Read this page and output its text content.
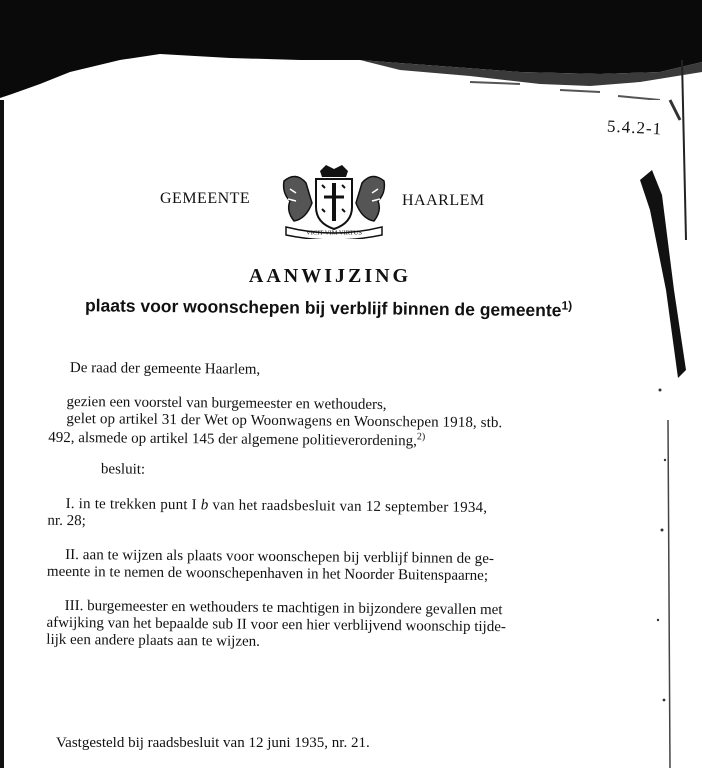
5.4.2-1
GEMEENTE
VICIT VIM VIRTUS
HAARLEM
AANWIJZING
plaats voor woonschepen bij verblijf binnen de gemeente$^{1)}$
De raad der gemeente Haarlem,
gezien een voorstel van burgemeester en wethouders,
gelet op artikel 31 der Wet op Woonwagens en Woonschepen 1918, stb.
492, alsmede op artikel 145 der algemene politieverordening,$^{2)}$
besluit:
I. in te trekken punt I b van het raadsbesluit van 12 september 1934,
nr. 28;
II. aan te wijzen als plaats voor woonschepen bij verblijf binnen de ge-
meente in te nemen de woonschepenhaven in het Noorder Buitenspaarne;
III. burgemeester en wethouders te machtigen in bijzondere gevallen met
afwijking van het bepaalde sub II voor een hier verblijvend woonschip tijde-
lijk een andere plaats aan te wijzen.
Vastgesteld bij raadsbesluit van 12 juni 1935, nr. 21.
